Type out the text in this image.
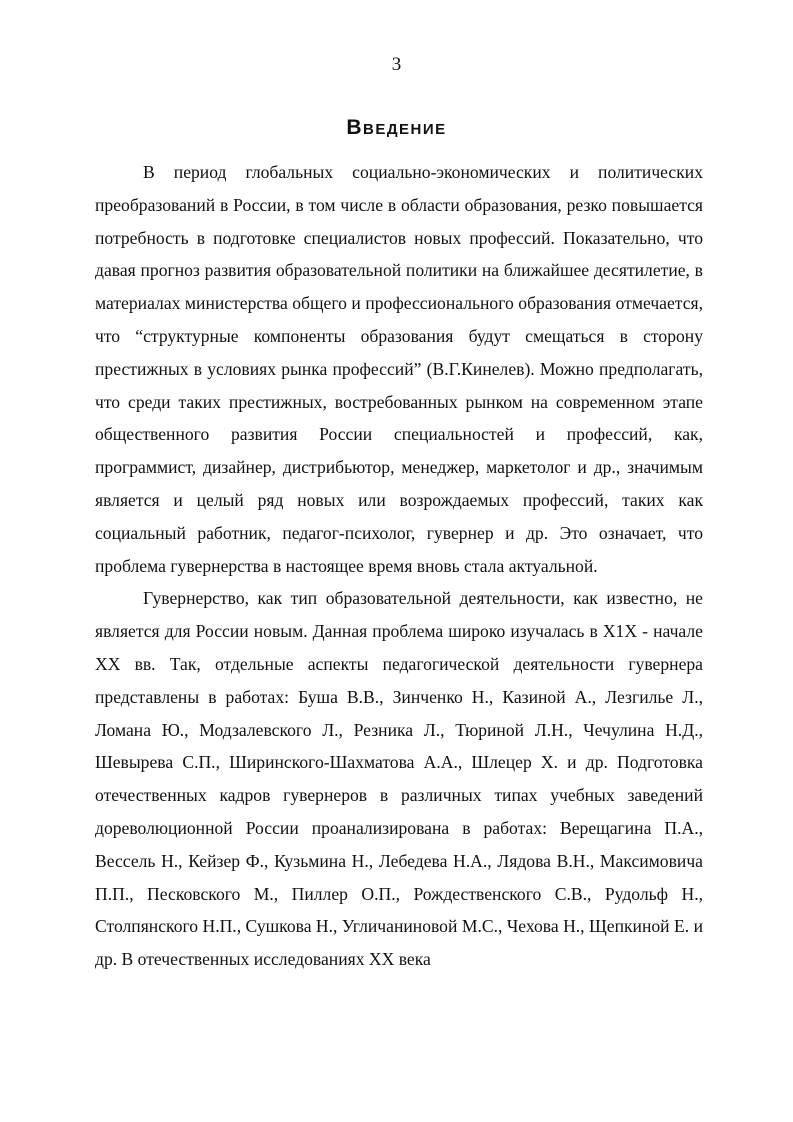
3
Введение

В период глобальных социально-экономических и политических преобразований в России, в том числе в области образования, резко повышается потребность в подготовке специалистов новых профессий. Показательно, что давая прогноз развития образовательной политики на ближайшее десятилетие, в материалах министерства общего и профессионального образования отмечается, что “структурные компоненты образования будут смещаться в сторону престижных в условиях рынка профессий” (В.Г.Кинелев). Можно предполагать, что среди таких престижных, востребованных рынком на современном этапе общественного развития России специальностей и профессий, как, программист, дизайнер, дистрибьютор, менеджер, маркетолог и др., значимым является и целый ряд новых или возрождаемых профессий, таких как социальный работник, педагог-психолог, гувернер и др. Это означает, что проблема гувернерства в настоящее время вновь стала актуальной.

Гувернерство, как тип образовательной деятельности, как известно, не является для России новым. Данная проблема широко изучалась в X1X - начале XX вв. Так, отдельные аспекты педагогической деятельности гувернера представлены в работах: Буша В.В., Зинченко Н., Казиной А., Лезгилье Л., Ломана Ю., Модзалевского Л., Резника Л., Тюриной Л.Н., Чечулина Н.Д., Шевырева С.П., Ширинского-Шахматова А.А., Шлецер Х. и др. Подготовка отечественных кадров гувернеров в различных типах учебных заведений дореволюционной России проанализирована в работах: Верещагина П.А., Вессель Н., Кейзер Ф., Кузьмина Н., Лебедева Н.А., Лядова В.Н., Максимовича П.П., Песковского М., Пиллер О.П., Рождественского С.В., Рудольф Н., Столпянского Н.П., Сушкова Н., Угличаниновой М.С., Чехова Н., Щепкиной Е. и др. В отечественных исследованиях XX века
